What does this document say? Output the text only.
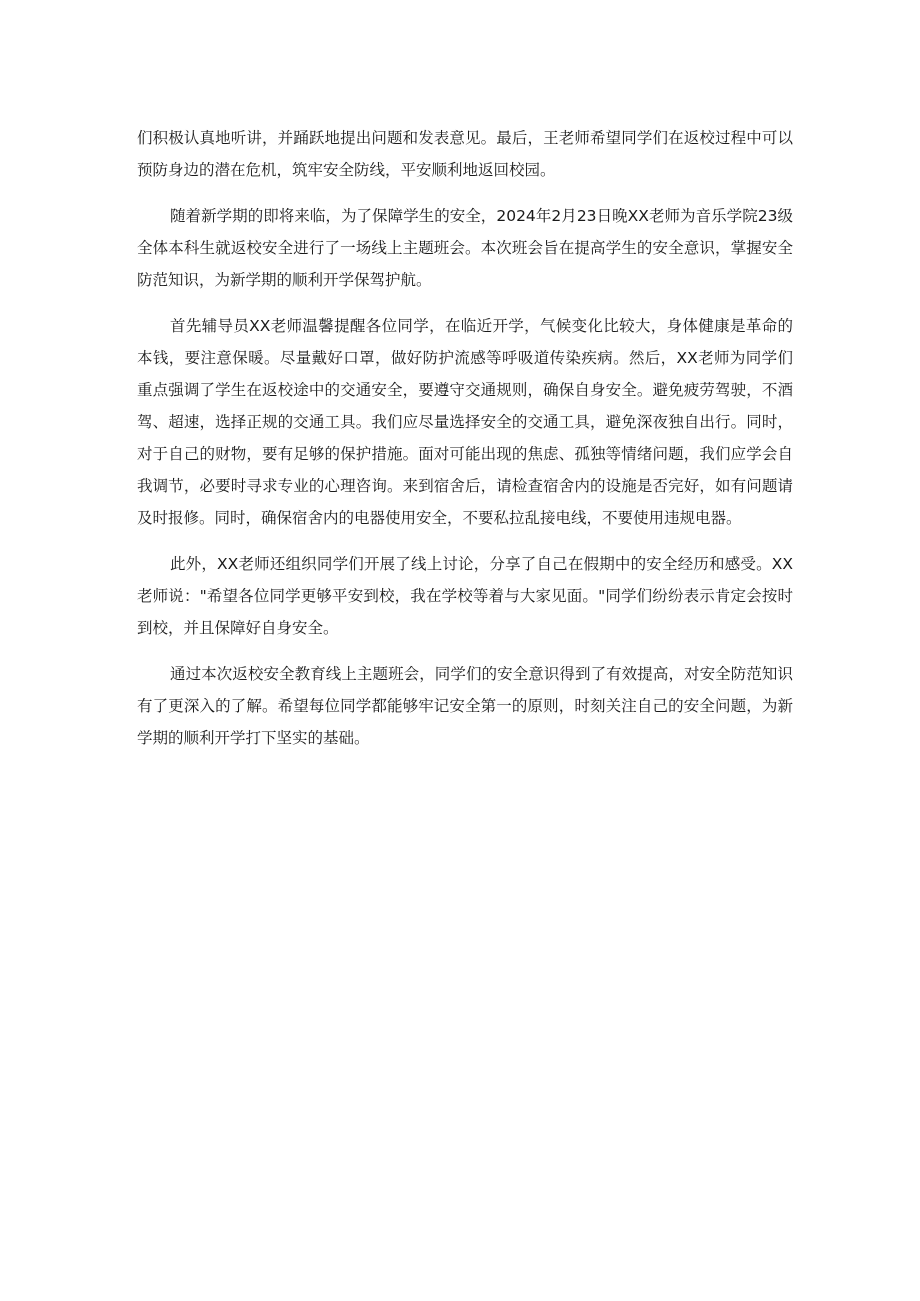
们积极认真地听讲，并踊跃地提出问题和发表意见。最后，王老师希望同学们在返校过程中可以预防身边的潜在危机，筑牢安全防线，平安顺利地返回校园。

随着新学期的即将来临，为了保障学生的安全，2024年2月23日晚XX老师为音乐学院23级全体本科生就返校安全进行了一场线上主题班会。本次班会旨在提高学生的安全意识，掌握安全防范知识，为新学期的顺利开学保驾护航。

首先辅导员XX老师温馨提醒各位同学，在临近开学，气候变化比较大，身体健康是革命的本钱，要注意保暖。尽量戴好口罩，做好防护流感等呼吸道传染疾病。然后，XX老师为同学们重点强调了学生在返校途中的交通安全，要遵守交通规则，确保自身安全。避免疲劳驾驶，不酒驾、超速，选择正规的交通工具。我们应尽量选择安全的交通工具，避免深夜独自出行。同时，对于自己的财物，要有足够的保护措施。面对可能出现的焦虑、孤独等情绪问题，我们应学会自我调节，必要时寻求专业的心理咨询。来到宿舍后，请检查宿舍内的设施是否完好，如有问题请及时报修。同时，确保宿舍内的电器使用安全，不要私拉乱接电线，不要使用违规电器。

此外，XX老师还组织同学们开展了线上讨论，分享了自己在假期中的安全经历和感受。XX老师说："希望各位同学更够平安到校，我在学校等着与大家见面。"同学们纷纷表示肯定会按时到校，并且保障好自身安全。

通过本次返校安全教育线上主题班会，同学们的安全意识得到了有效提高，对安全防范知识有了更深入的了解。希望每位同学都能够牢记安全第一的原则，时刻关注自己的安全问题，为新学期的顺利开学打下坚实的基础。
